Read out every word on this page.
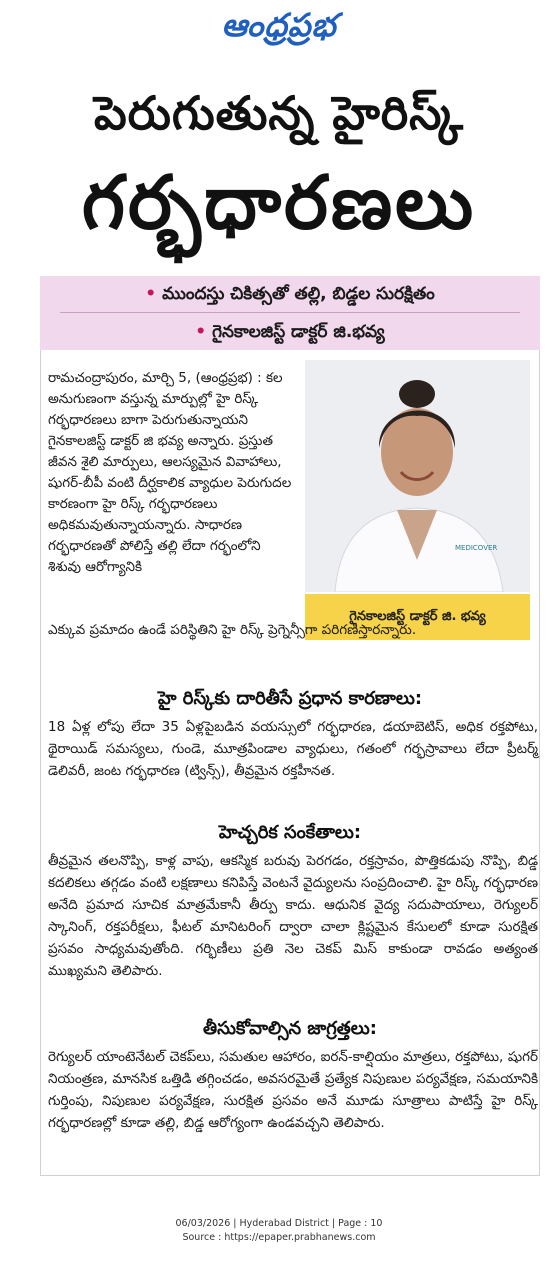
ఆంధ్రప్రభ
పెరుగుతున్న హైరిస్క్
గర్భధారణలు
• ముందస్తు చికిత్సతో తల్లి, బిడ్డల సురక్షితం
• గైనకాలజిస్ట్ డాక్టర్ జి.భవ్య
MEDICOVER
గైనకాలజిస్ట్ డాక్టర్ జి. భవ్య
రామచంద్రాపురం, మార్చి 5, (ఆంధ్రప్రభ) : కల అనుగుణంగా వస్తున్న మార్పుల్లో హై రిస్క్ గర్భధారణలు బాగా పెరుగుతున్నాయని గైనకాలజిస్ట్ డాక్టర్ జి భవ్య అన్నారు. ప్రస్తుత జీవన శైలి మార్పులు, ఆలస్యమైన వివాహాలు, షుగర్-బీపీ వంటి దీర్ఘకాలిక వ్యాధుల పెరుగుదల కారణంగా హై రిస్క్ గర్భధారణలు అధికమవుతున్నాయన్నారు. సాధారణ గర్భధారణతో పోలిస్తే తల్లి లేదా గర్భంలోని శిశువు ఆరోగ్యానికి
ఎక్కువ ప్రమాదం ఉండే పరిస్థితిని హై రిస్క్ ప్రెగ్నెన్సీగా పరిగణిస్తారన్నారు.
హై రిస్క్‌కు దారితీసే ప్రధాన కారణాలు:
18 ఏళ్ల లోపు లేదా 35 ఏళ్లపైబడిన వయస్సులో గర్భధారణ, డయాబెటిస్, అధిక రక్తపోటు, థైరాయిడ్ సమస్యలు, గుండె, మూత్రపిండాల వ్యాధులు, గతంలో గర్భస్రావాలు లేదా ప్రీటర్మ్ డెలివరీ, జంట గర్భధారణ (ట్విన్స్), తీవ్రమైన రక్తహీనత.
హెచ్చరిక సంకేతాలు:
తీవ్రమైన తలనొప్పి, కాళ్ల వాపు, ఆకస్మిక బరువు పెరగడం, రక్తస్రావం, పొత్తికడుపు నొప్పి, బిడ్డ కదలికలు తగ్గడం వంటి లక్షణాలు కనిపిస్తే వెంటనే వైద్యులను సంప్రదించాలి. హై రిస్క్ గర్భధారణ అనేది ప్రమాద సూచిక మాత్రమేకానీ తీర్పు కాదు. ఆధునిక వైద్య సదుపాయాలు, రెగ్యులర్ స్కానింగ్, రక్తపరీక్షలు, ఫీటల్ మానిటరింగ్ ద్వారా చాలా క్లిష్టమైన కేసులలో కూడా సురక్షిత ప్రసవం సాధ్యమవుతోంది. గర్భిణీలు ప్రతి నెల చెకప్ మిస్ కాకుండా రావడం అత్యంత ముఖ్యమని తెలిపారు.
తీసుకోవాల్సిన జాగ్రత్తలు:
రెగ్యులర్ యాంటెనేటల్ చెకప్‌లు, సమతుల ఆహారం, ఐరన్-కాల్షియం మాత్రలు, రక్తపోటు, షుగర్ నియంత్రణ, మానసిక ఒత్తిడి తగ్గించడం, అవసరమైతే ప్రత్యేక నిపుణుల పర్యవేక్షణ, సమయానికి గుర్తింపు, నిపుణుల పర్యవేక్షణ, సురక్షిత ప్రసవం అనే మూడు సూత్రాలు పాటిస్తే హై రిస్క్ గర్భధారణల్లో కూడా తల్లి, బిడ్డ ఆరోగ్యంగా ఉండవచ్చని తెలిపారు.
06/03/2026 | Hyderabad District | Page : 10
Source : https://epaper.prabhanews.com
